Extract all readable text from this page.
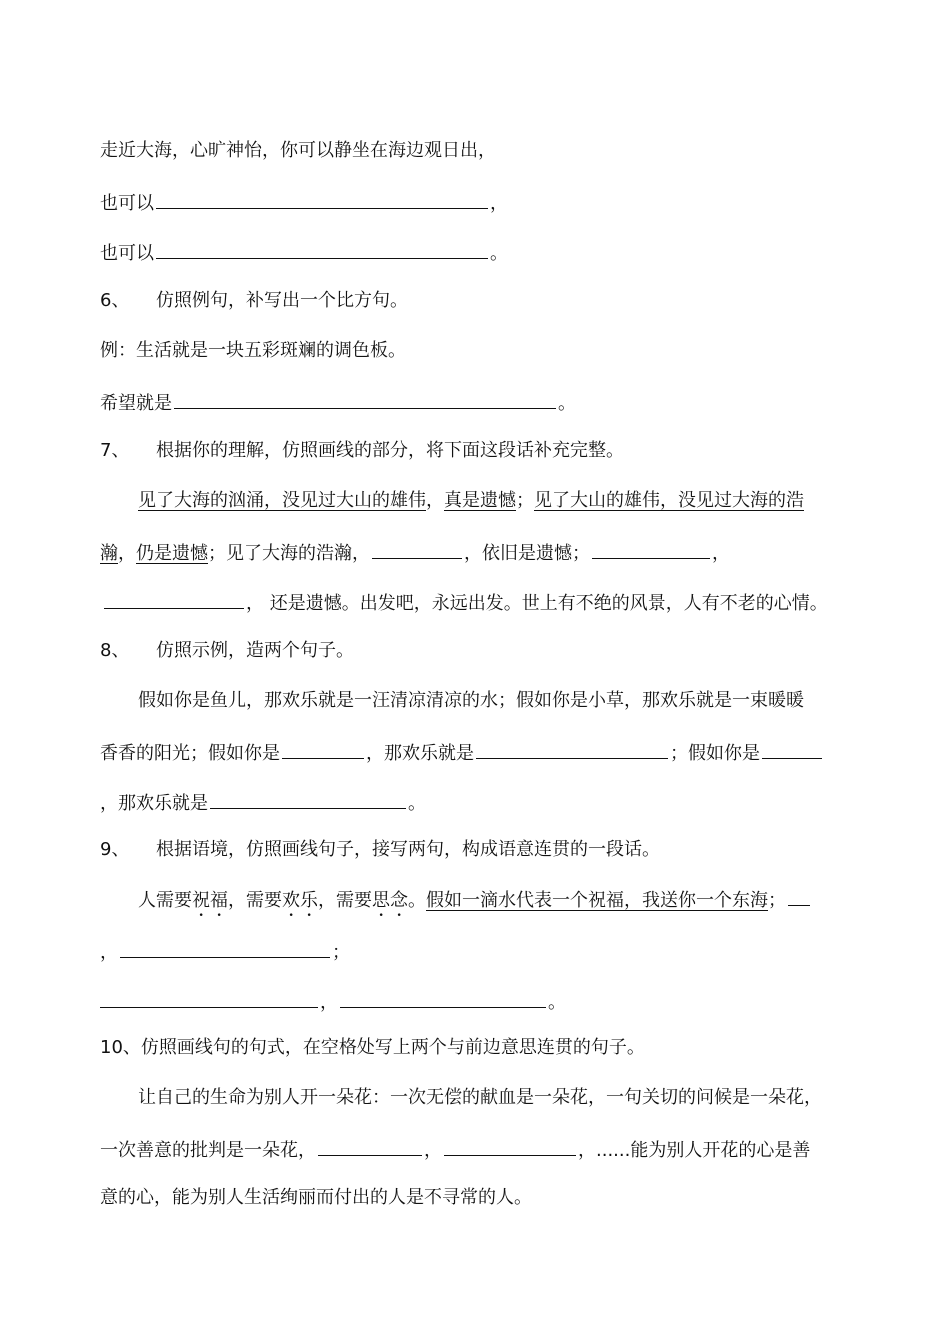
走近大海，心旷神怡，你可以静坐在海边观日出，
也可以	，
也可以	。
6、 仿照例句，补写出一个比方句。
例：生活就是一块五彩斑斓的调色板。
希望就是	。
7、 根据你的理解，仿照画线的部分，将下面这段话补充完整。
见了大海的汹涌，没见过大山的雄伟，真是遗憾；见了大山的雄伟，没见过大海的浩
瀚，仍是遗憾；见了大海的浩瀚，	，依旧是遗憾；	，
， 还是遗憾。出发吧，永远出发。世上有不绝的风景，人有不老的心情。
8、 仿照示例，造两个句子。
假如你是鱼儿，那欢乐就是一汪清凉清凉的水；假如你是小草，那欢乐就是一束暖暖
香香的阳光；假如你是	，那欢乐就是	；假如你是
，那欢乐就是	。
9、 根据语境，仿照画线句子，接写两句，构成语意连贯的一段话。
人需要祝福，需要欢乐，需要思念。假如一滴水代表一个祝福，我送你一个东海；
，	；
，	。
10、仿照画线句的句式，在空格处写上两个与前边意思连贯的句子。
让自己的生命为别人开一朵花：一次无偿的献血是一朵花，一句关切的问候是一朵花，
一次善意的批判是一朵花，	，	，......能为别人开花的心是善
意的心，能为别人生活绚丽而付出的人是不寻常的人。
